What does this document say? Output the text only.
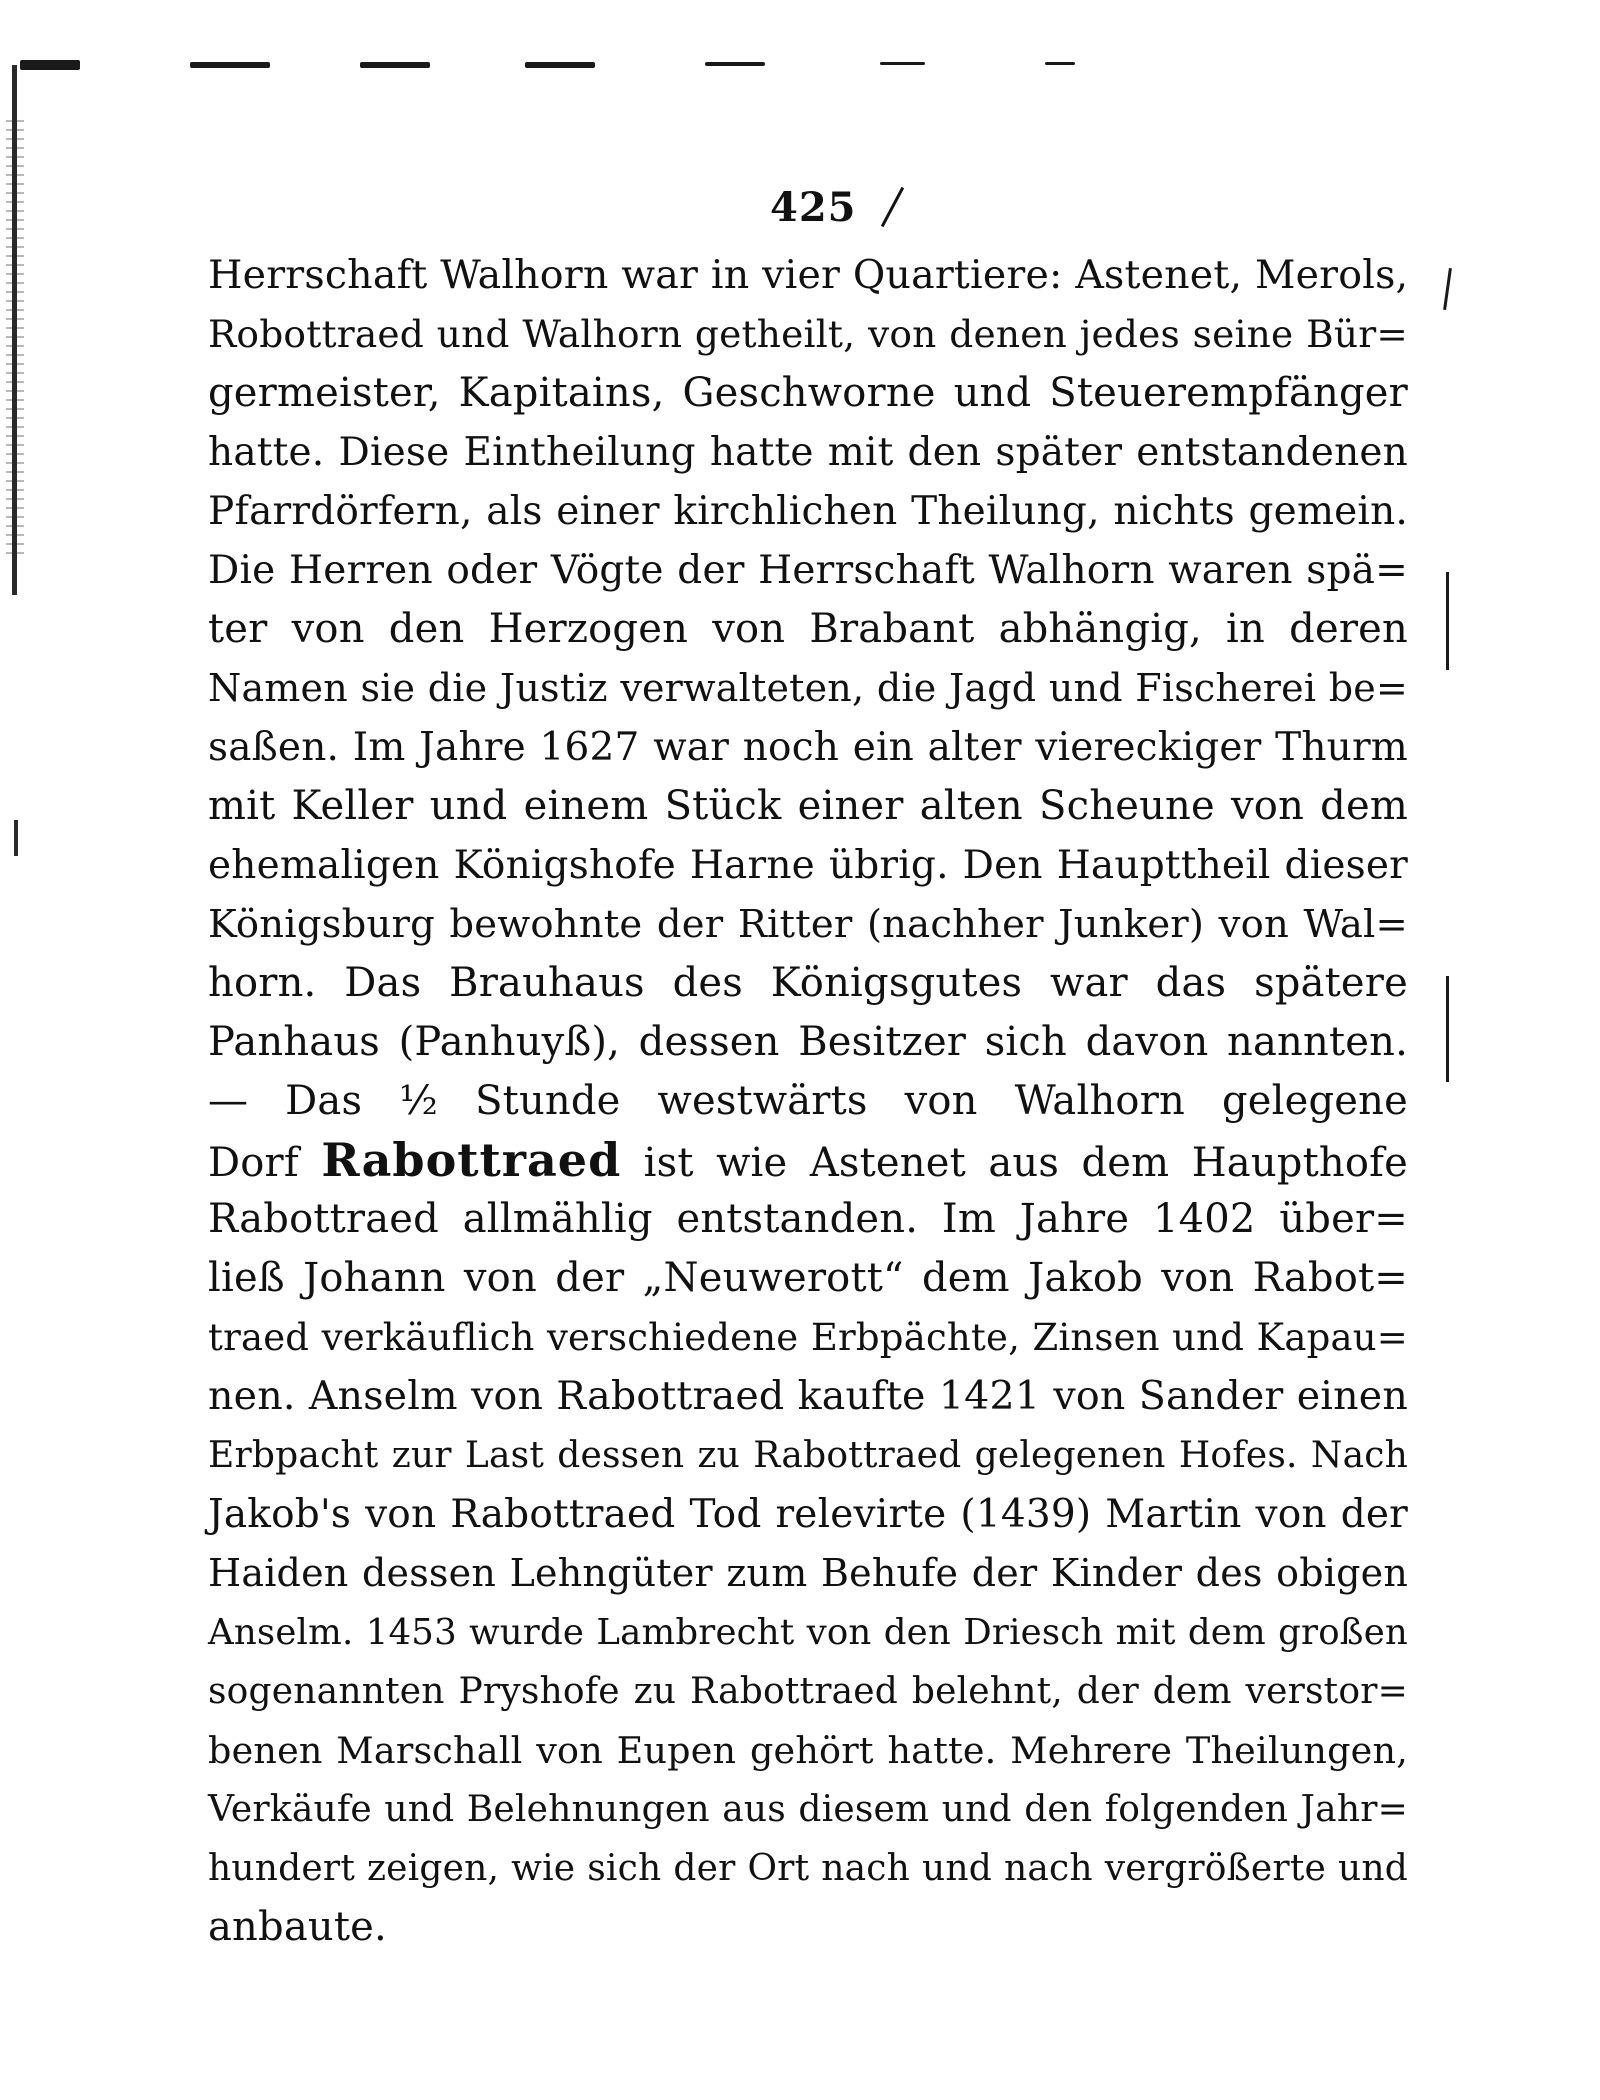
425
Herrschaft Walhorn war in vier Quartiere: Astenet, Merols,
Robottraed und Walhorn getheilt, von denen jedes seine Bür=
germeister, Kapitains, Geschworne und Steuerempfänger
hatte. Diese Eintheilung hatte mit den später entstandenen
Pfarrdörfern, als einer kirchlichen Theilung, nichts gemein.
Die Herren oder Vögte der Herrschaft Walhorn waren spä=
ter von den Herzogen von Brabant abhängig, in deren
Namen sie die Justiz verwalteten, die Jagd und Fischerei be=
saßen. Im Jahre 1627 war noch ein alter viereckiger Thurm
mit Keller und einem Stück einer alten Scheune von dem
ehemaligen Königshofe Harne übrig. Den Haupttheil dieser
Königsburg bewohnte der Ritter (nachher Junker) von Wal=
horn. Das Brauhaus des Königsgutes war das spätere
Panhaus (Panhuyß), dessen Besitzer sich davon nannten.
— Das ½ Stunde westwärts von Walhorn gelegene
Dorf Rabottraed ist wie Astenet aus dem Haupthofe
Rabottraed allmählig entstanden. Im Jahre 1402 über=
ließ Johann von der „Neuwerott“ dem Jakob von Rabot=
traed verkäuflich verschiedene Erbpächte, Zinsen und Kapau=
nen. Anselm von Rabottraed kaufte 1421 von Sander einen
Erbpacht zur Last dessen zu Rabottraed gelegenen Hofes. Nach
Jakob's von Rabottraed Tod relevirte (1439) Martin von der
Haiden dessen Lehngüter zum Behufe der Kinder des obigen
Anselm. 1453 wurde Lambrecht von den Driesch mit dem großen
sogenannten Pryshofe zu Rabottraed belehnt, der dem verstor=
benen Marschall von Eupen gehört hatte. Mehrere Theilungen,
Verkäufe und Belehnungen aus diesem und den folgenden Jahr=
hundert zeigen, wie sich der Ort nach und nach vergrößerte und
anbaute.
